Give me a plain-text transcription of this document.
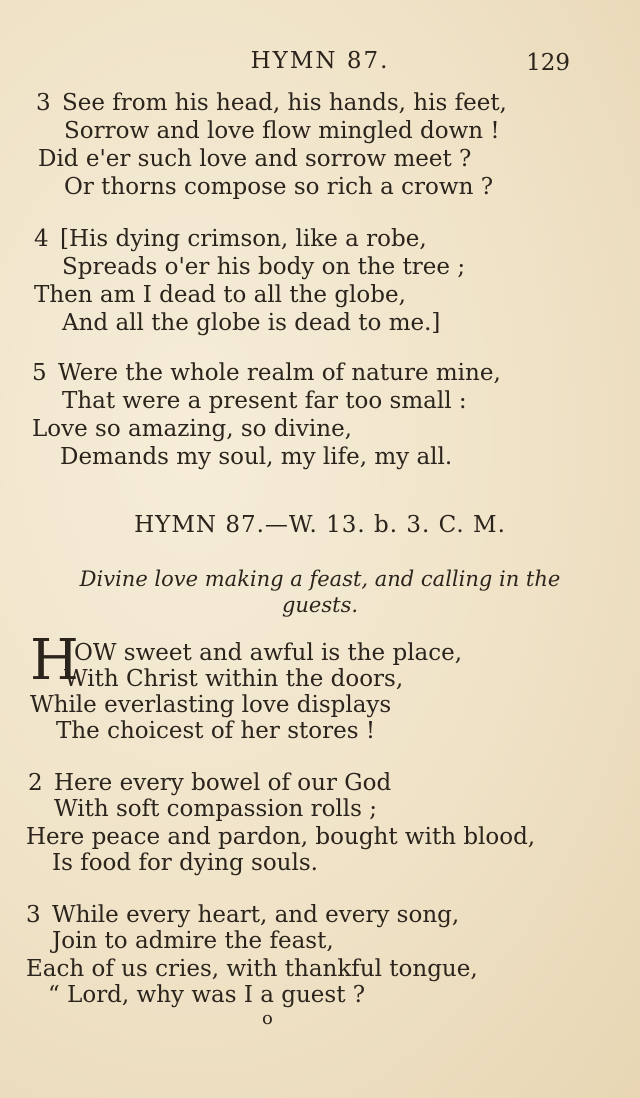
HYMN 87.	129
3 See from his head, his hands, his feet,
Sorrow and love flow mingled down !
Did e'er such love and sorrow meet ?
Or thorns compose so rich a crown ?
4 [His dying crimson, like a robe,
Spreads o'er his body on the tree ;
Then am I dead to all the globe,
And all the globe is dead to me.]
5 Were the whole realm of nature mine,
That were a present far too small :
Love so amazing, so divine,
Demands my soul, my life, my all.
HYMN 87.—W. 13. b. 3. C. M.
Divine love making a feast, and calling in the
guests.
H
OW sweet and awful is the place,
With Christ within the doors,
While everlasting love displays
The choicest of her stores !
2 Here every bowel of our God
With soft compassion rolls ;
Here peace and pardon, bought with blood,
Is food for dying souls.
3 While every heart, and every song,
Join to admire the feast,
Each of us cries, with thankful tongue,
“ Lord, why was I a guest ?
o
